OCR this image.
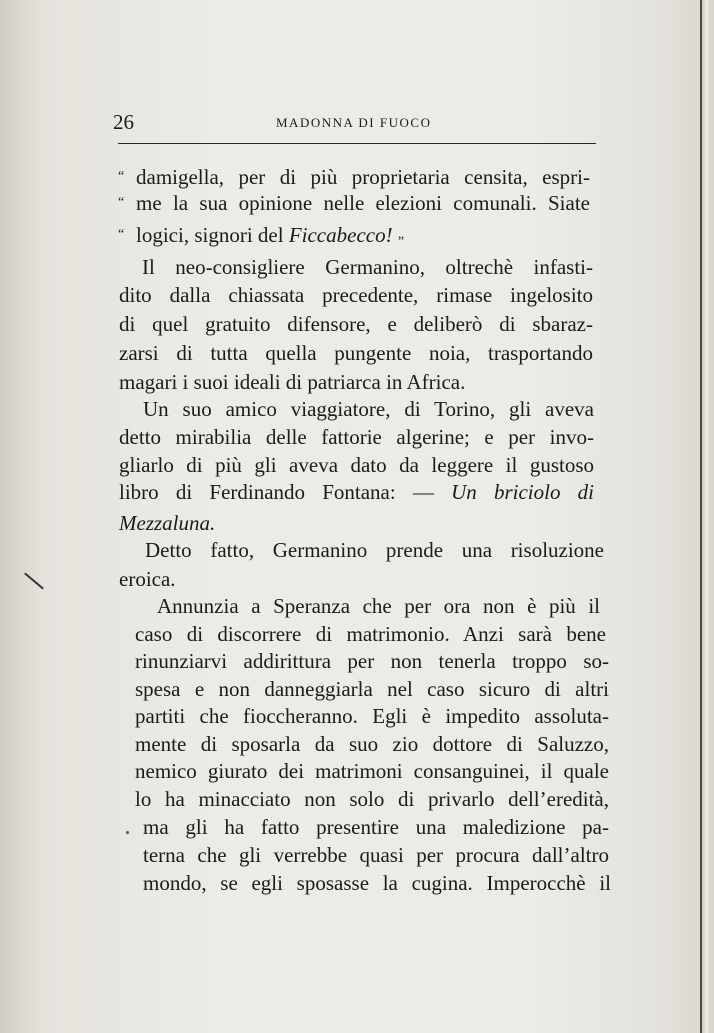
26	MADONNA DI FUOCO
“ damigella, per di più proprietaria censita, espri-
“ me la sua opinione nelle elezioni comunali. Siate
“ logici, signori del Ficcabecco! „
Il neo-consigliere Germanino, oltrechè infasti-
dito dalla chiassata precedente, rimase ingelosito
di quel gratuito difensore, e deliberò di sbaraz-
zarsi di tutta quella pungente noia, trasportando
magari i suoi ideali di patriarca in Africa.
Un suo amico viaggiatore, di Torino, gli aveva
detto mirabilia delle fattorie algerine; e per invo-
gliarlo di più gli aveva dato da leggere il gustoso
libro di Ferdinando Fontana: — Un briciolo di
Mezzaluna.
Detto fatto, Germanino prende una risoluzione
eroica.
Annunzia a Speranza che per ora non è più il
caso di discorrere di matrimonio. Anzi sarà bene
rinunziarvi addirittura per non tenerla troppo so-
spesa e non danneggiarla nel caso sicuro di altri
partiti che fioccheranno. Egli è impedito assoluta-
mente di sposarla da suo zio dottore di Saluzzo,
nemico giurato dei matrimoni consanguinei, il quale
lo ha minacciato non solo di privarlo dell’eredità,
ma gli ha fatto presentire una maledizione pa-
terna che gli verrebbe quasi per procura dall’altro
mondo, se egli sposasse la cugina. Imperocchè il
